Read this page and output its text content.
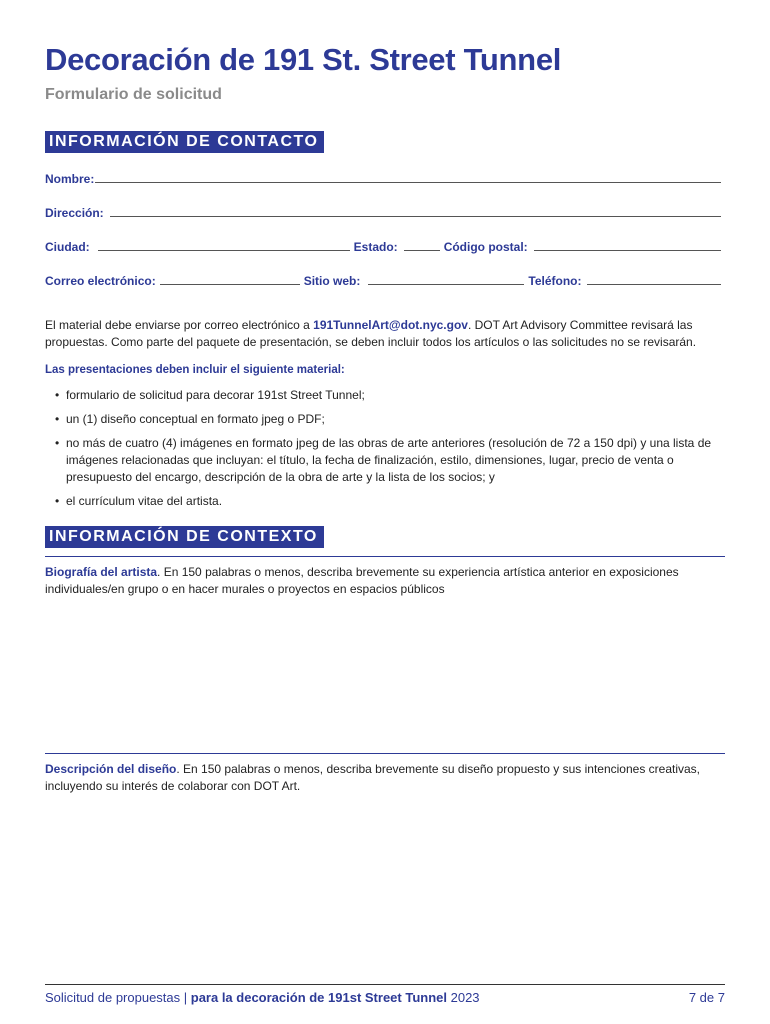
Decoración de 191 St. Street Tunnel
Formulario de solicitud
INFORMACIÓN DE CONTACTO
Nombre:
Dirección:
Ciudad:	Estado:	Código postal:
Correo electrónico:	Sitio web:	Teléfono:
El material debe enviarse por correo electrónico a 191TunnelArt@dot.nyc.gov. DOT Art Advisory Committee revisará las propuestas. Como parte del paquete de presentación, se deben incluir todos los artículos o las solicitudes no se revisarán.
Las presentaciones deben incluir el siguiente material:
• formulario de solicitud para decorar 191st Street Tunnel;
• un (1) diseño conceptual en formato jpeg o PDF;
• no más de cuatro (4) imágenes en formato jpeg de las obras de arte anteriores (resolución de 72 a 150 dpi) y una lista de imágenes relacionadas que incluyan: el título, la fecha de finalización, estilo, dimensiones, lugar, precio de venta o presupuesto del encargo, descripción de la obra de arte y la lista de los socios; y
• el currículum vitae del artista.
INFORMACIÓN DE CONTEXTO
Biografía del artista. En 150 palabras o menos, describa brevemente su experiencia artística anterior en exposiciones individuales/en grupo o en hacer murales o proyectos en espacios públicos
Descripción del diseño. En 150 palabras o menos, describa brevemente su diseño propuesto y sus intenciones creativas, incluyendo su interés de colaborar con DOT Art.
Solicitud de propuestas | para la decoración de 191st Street Tunnel 2023	7 de 7
